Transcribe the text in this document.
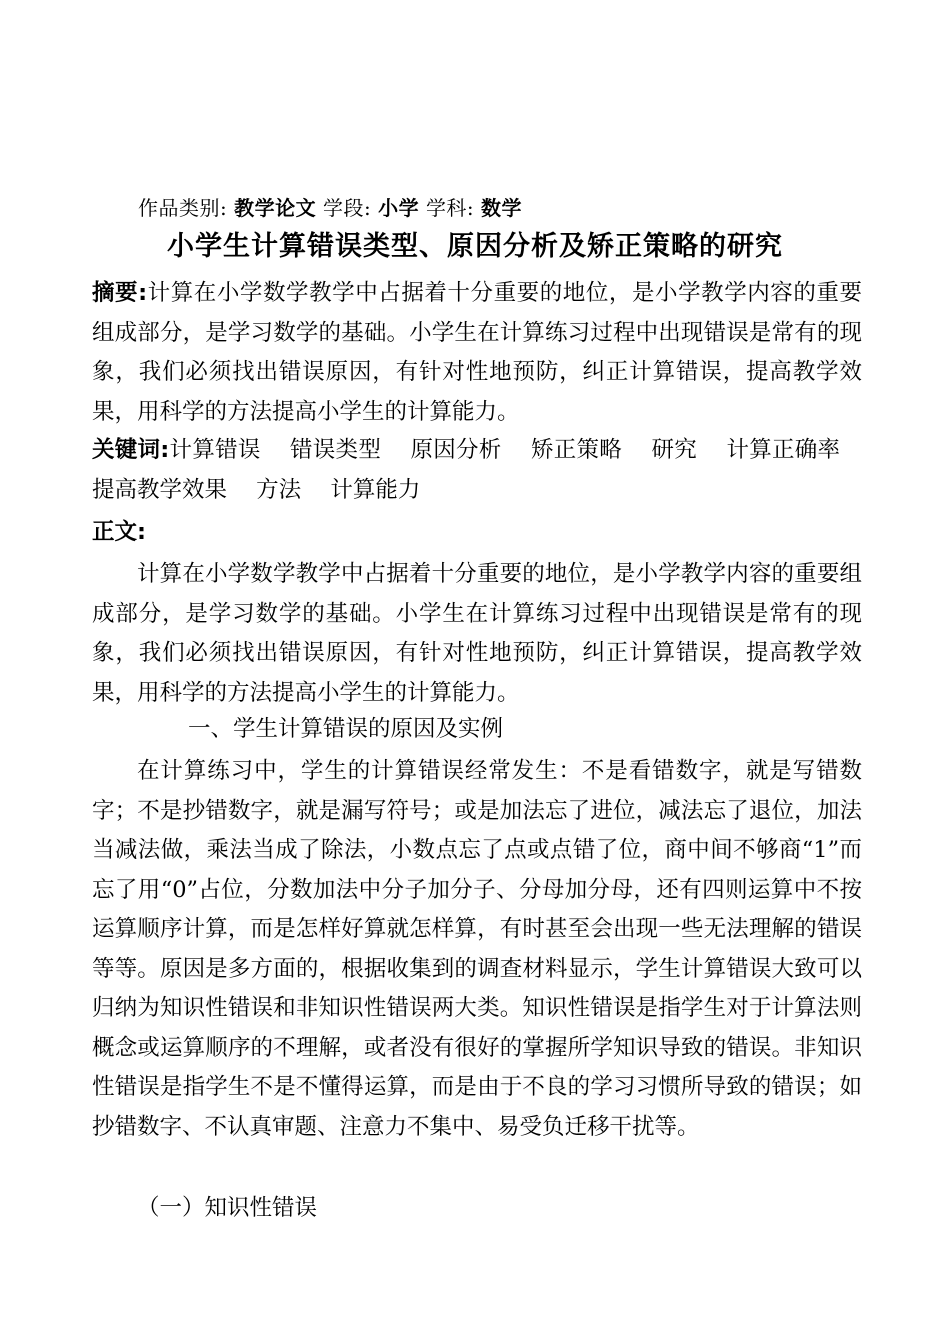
作品类别: 教学论文 学段: 小学 学科: 数学
小学生计算错误类型、原因分析及矫正策略的研究
摘要:计算在小学数学教学中占据着十分重要的地位，是小学教学内容的重要组成部分，是学习数学的基础。小学生在计算练习过程中出现错误是常有的现象，我们必须找出错误原因，有针对性地预防，纠正计算错误，提高教学效果，用科学的方法提高小学生的计算能力。
关键词:计算错误 错误类型 原因分析 矫正策略 研究 计算正确率 提高教学效果 方法 计算能力
正文:
计算在小学数学教学中占据着十分重要的地位，是小学教学内容的重要组成部分，是学习数学的基础。小学生在计算练习过程中出现错误是常有的现象，我们必须找出错误原因，有针对性地预防，纠正计算错误，提高教学效果，用科学的方法提高小学生的计算能力。
一、学生计算错误的原因及实例
在计算练习中，学生的计算错误经常发生：不是看错数字，就是写错数字；不是抄错数字，就是漏写符号；或是加法忘了进位，减法忘了退位，加法当减法做，乘法当成了除法，小数点忘了点或点错了位，商中间不够商“1”而忘了用“0”占位，分数加法中分子加分子、分母加分母，还有四则运算中不按运算顺序计算，而是怎样好算就怎样算，有时甚至会出现一些无法理解的错误等等。原因是多方面的，根据收集到的调查材料显示，学生计算错误大致可以归纳为知识性错误和非知识性错误两大类。知识性错误是指学生对于计算法则概念或运算顺序的不理解，或者没有很好的掌握所学知识导致的错误。非知识性错误是指学生不是不懂得运算，而是由于不良的学习习惯所导致的错误；如抄错数字、不认真审题、注意力不集中、易受负迁移干扰等。
（一）知识性错误
